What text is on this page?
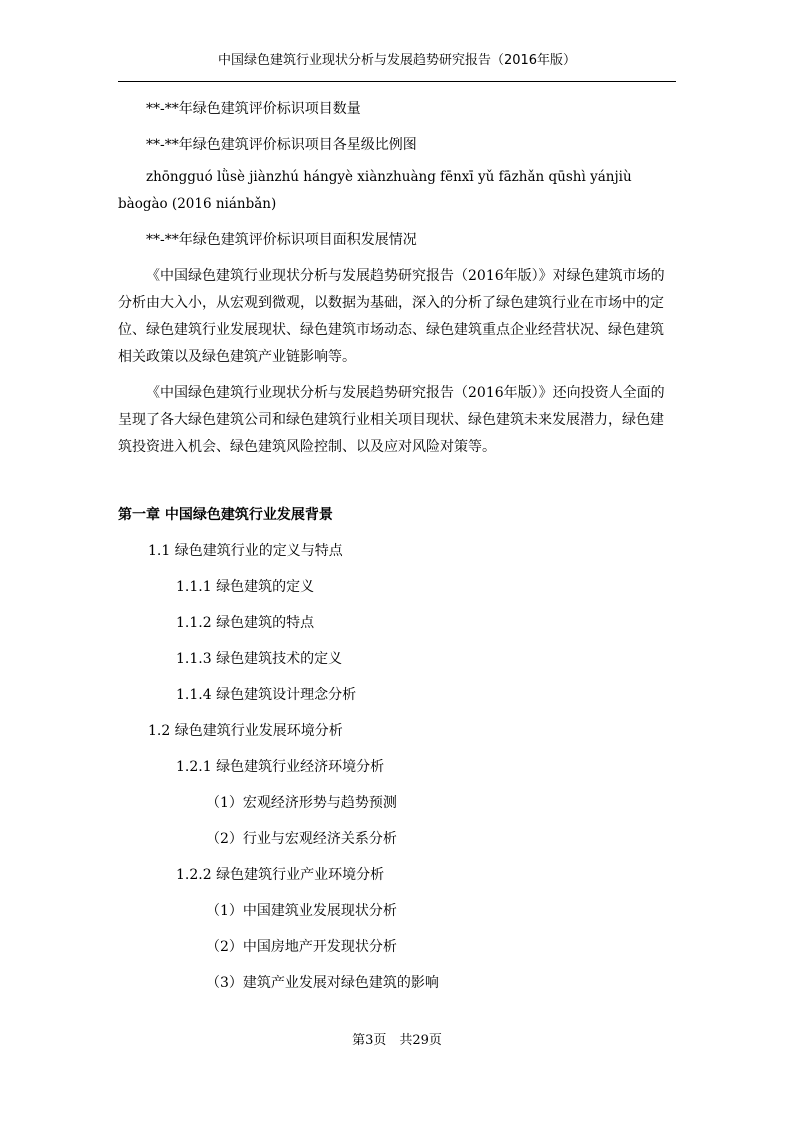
中国绿色建筑行业现状分析与发展趋势研究报告（2016年版）

**-**年绿色建筑评价标识项目数量

**-**年绿色建筑评价标识项目各星级比例图

zhōngguó lǜsè jiànzhú hángyè xiànzhuàng fēnxī yǔ fāzhǎn qūshì yánjiù bàogào (2016 niánbǎn)

**-**年绿色建筑评价标识项目面积发展情况

《中国绿色建筑行业现状分析与发展趋势研究报告（2016年版）》对绿色建筑市场的分析由大入小，从宏观到微观，以数据为基础，深入的分析了绿色建筑行业在市场中的定位、绿色建筑行业发展现状、绿色建筑市场动态、绿色建筑重点企业经营状况、绿色建筑相关政策以及绿色建筑产业链影响等。

《中国绿色建筑行业现状分析与发展趋势研究报告（2016年版）》还向投资人全面的呈现了各大绿色建筑公司和绿色建筑行业相关项目现状、绿色建筑未来发展潜力，绿色建筑投资进入机会、绿色建筑风险控制、以及应对风险对策等。

第一章 中国绿色建筑行业发展背景
1.1 绿色建筑行业的定义与特点
1.1.1 绿色建筑的定义
1.1.2 绿色建筑的特点
1.1.3 绿色建筑技术的定义
1.1.4 绿色建筑设计理念分析
1.2 绿色建筑行业发展环境分析
1.2.1 绿色建筑行业经济环境分析
（1）宏观经济形势与趋势预测
（2）行业与宏观经济关系分析
1.2.2 绿色建筑行业产业环境分析
（1）中国建筑业发展现状分析
（2）中国房地产开发现状分析
（3）建筑产业发展对绿色建筑的影响
第3页　共29页
